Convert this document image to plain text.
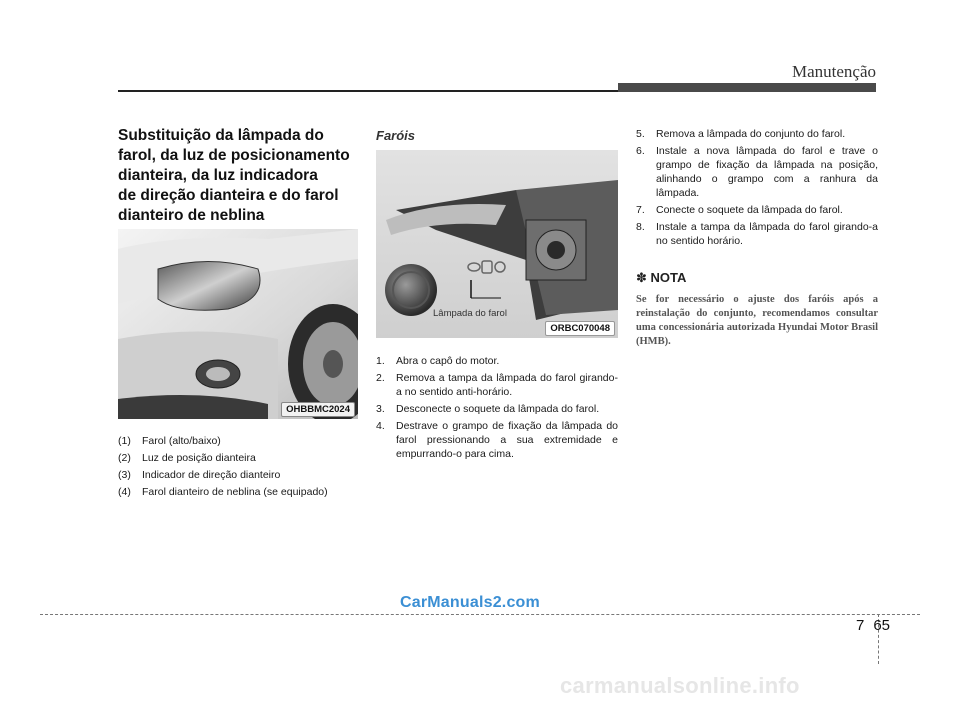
Manutenção
Substituição da lâmpada do
farol, da luz de posicionamento
dianteira, da luz indicadora
de direção dianteira e do farol
dianteiro de neblina
OHBBMC2024
(1)	Farol (alto/baixo)
(2)	Luz de posição dianteira
(3)	Indicador de direção dianteiro
(4)	Farol dianteiro de neblina (se equipado)
Faróis
Lâmpada do farol
ORBC070048
1.	Abra o capô do motor.
2.	Remova a tampa da lâmpada do farol girando-a no sentido anti-horário.
3.	Desconecte o soquete da lâmpada do farol.
4.	Destrave o grampo de fixação da lâmpada do farol pressionando a sua extremidade e empurrando-o para cima.
5.	Remova a lâmpada do conjunto do farol.
6.	Instale a nova lâmpada do farol e trave o grampo de fixação da lâmpada na posição, alinhando o grampo com a ranhura da lâmpada.
7.	Conecte o soquete da lâmpada do farol.
8.	Instale a tampa da lâmpada do farol girando-a no sentido horário.
✽ NOTA

Se for necessário o ajuste dos faróis após a reinstalação do conjunto, recomendamos consultar uma concessionária autorizada Hyundai Motor Brasil (HMB).

7 65
CarManuals2.com
carmanualsonline.info
